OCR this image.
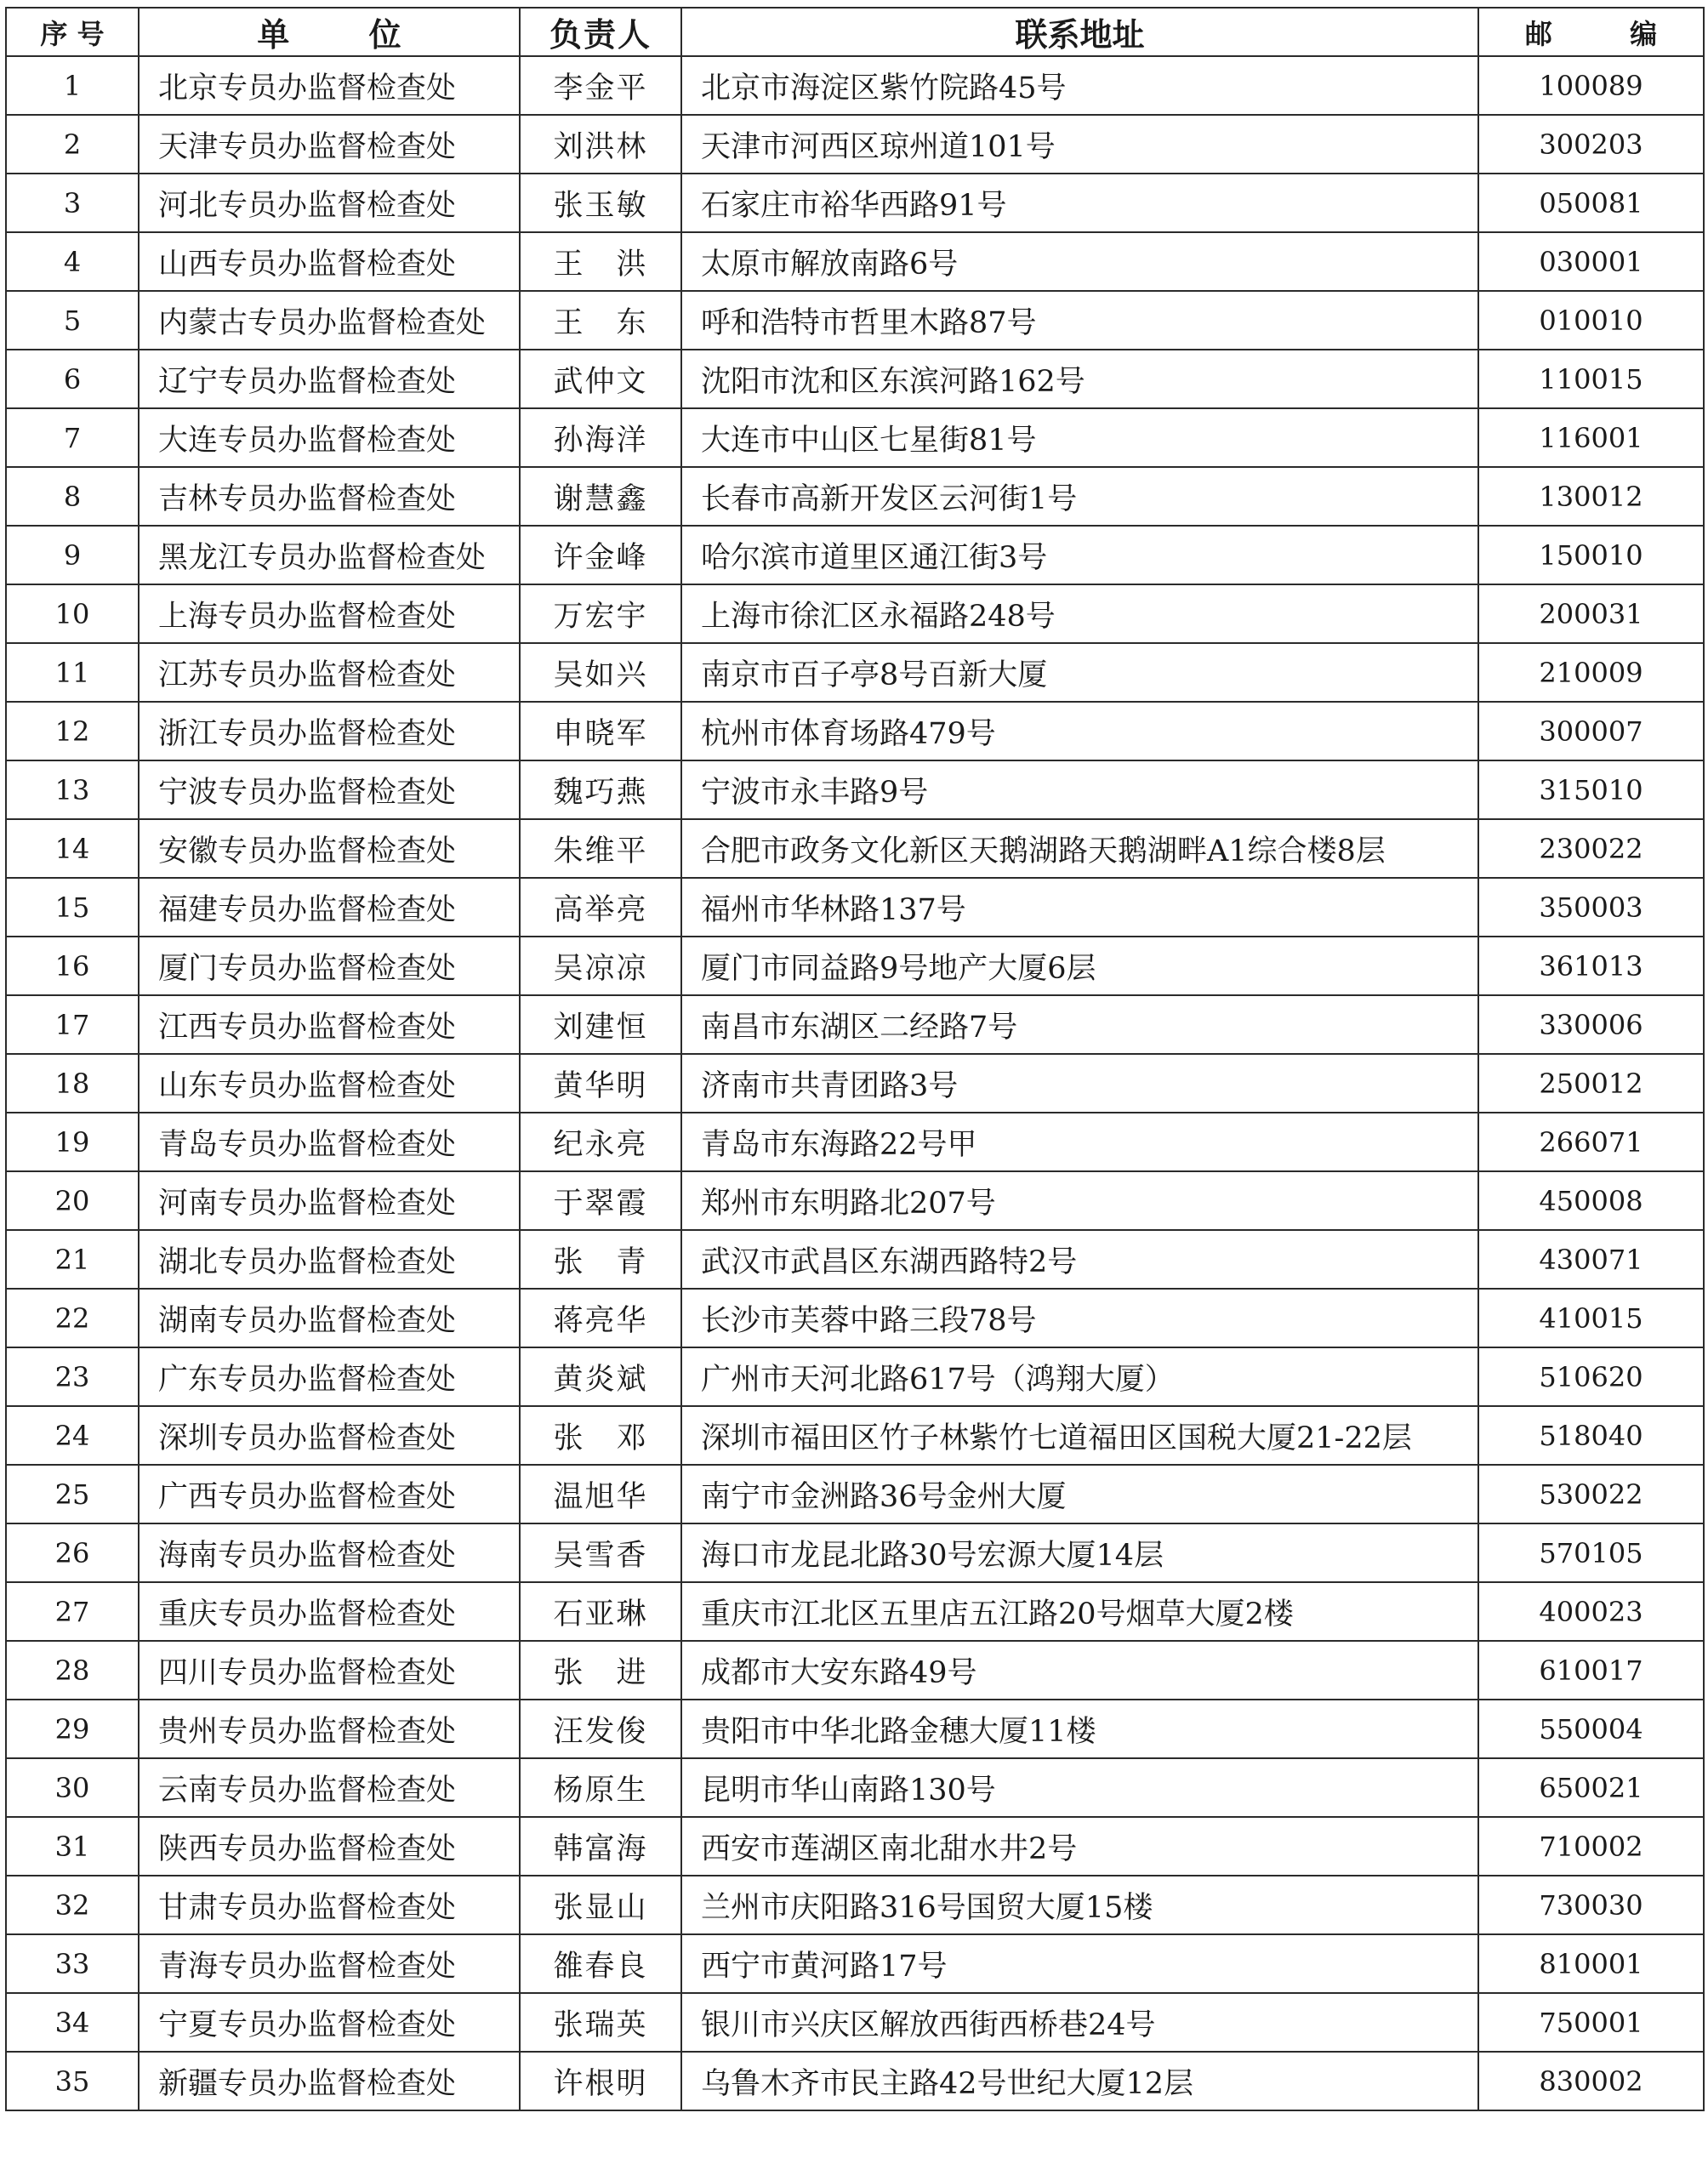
序 号	单 位	负责人	联系地址	邮 编
1	北京专员办监督检查处	李金平	北京市海淀区紫竹院路45号	100089
2	天津专员办监督检查处	刘洪林	天津市河西区琼州道101号	300203
3	河北专员办监督检查处	张玉敏	石家庄市裕华西路91号	050081
4	山西专员办监督检查处	王　洪	太原市解放南路6号	030001
5	内蒙古专员办监督检查处	王　东	呼和浩特市哲里木路87号	010010
6	辽宁专员办监督检查处	武仲文	沈阳市沈和区东滨河路162号	110015
7	大连专员办监督检查处	孙海洋	大连市中山区七星街81号	116001
8	吉林专员办监督检查处	谢慧鑫	长春市高新开发区云河街1号	130012
9	黑龙江专员办监督检查处	许金峰	哈尔滨市道里区通江街3号	150010
10	上海专员办监督检查处	万宏宇	上海市徐汇区永福路248号	200031
11	江苏专员办监督检查处	吴如兴	南京市百子亭8号百新大厦	210009
12	浙江专员办监督检查处	申晓军	杭州市体育场路479号	300007
13	宁波专员办监督检查处	魏巧燕	宁波市永丰路9号	315010
14	安徽专员办监督检查处	朱维平	合肥市政务文化新区天鹅湖路天鹅湖畔A1综合楼8层	230022
15	福建专员办监督检查处	高举亮	福州市华林路137号	350003
16	厦门专员办监督检查处	吴凉凉	厦门市同益路9号地产大厦6层	361013
17	江西专员办监督检查处	刘建恒	南昌市东湖区二经路7号	330006
18	山东专员办监督检查处	黄华明	济南市共青团路3号	250012
19	青岛专员办监督检查处	纪永亮	青岛市东海路22号甲	266071
20	河南专员办监督检查处	于翠霞	郑州市东明路北207号	450008
21	湖北专员办监督检查处	张　青	武汉市武昌区东湖西路特2号	430071
22	湖南专员办监督检查处	蒋亮华	长沙市芙蓉中路三段78号	410015
23	广东专员办监督检查处	黄炎斌	广州市天河北路617号（鸿翔大厦）	510620
24	深圳专员办监督检查处	张　邓	深圳市福田区竹子林紫竹七道福田区国税大厦21-22层	518040
25	广西专员办监督检查处	温旭华	南宁市金洲路36号金州大厦	530022
26	海南专员办监督检查处	吴雪香	海口市龙昆北路30号宏源大厦14层	570105
27	重庆专员办监督检查处	石亚琳	重庆市江北区五里店五江路20号烟草大厦2楼	400023
28	四川专员办监督检查处	张　进	成都市大安东路49号	610017
29	贵州专员办监督检查处	汪发俊	贵阳市中华北路金穗大厦11楼	550004
30	云南专员办监督检查处	杨原生	昆明市华山南路130号	650021
31	陕西专员办监督检查处	韩富海	西安市莲湖区南北甜水井2号	710002
32	甘肃专员办监督检查处	张显山	兰州市庆阳路316号国贸大厦15楼	730030
33	青海专员办监督检查处	雒春良	西宁市黄河路17号	810001
34	宁夏专员办监督检查处	张瑞英	银川市兴庆区解放西街西桥巷24号	750001
35	新疆专员办监督检查处	许根明	乌鲁木齐市民主路42号世纪大厦12层	830002
